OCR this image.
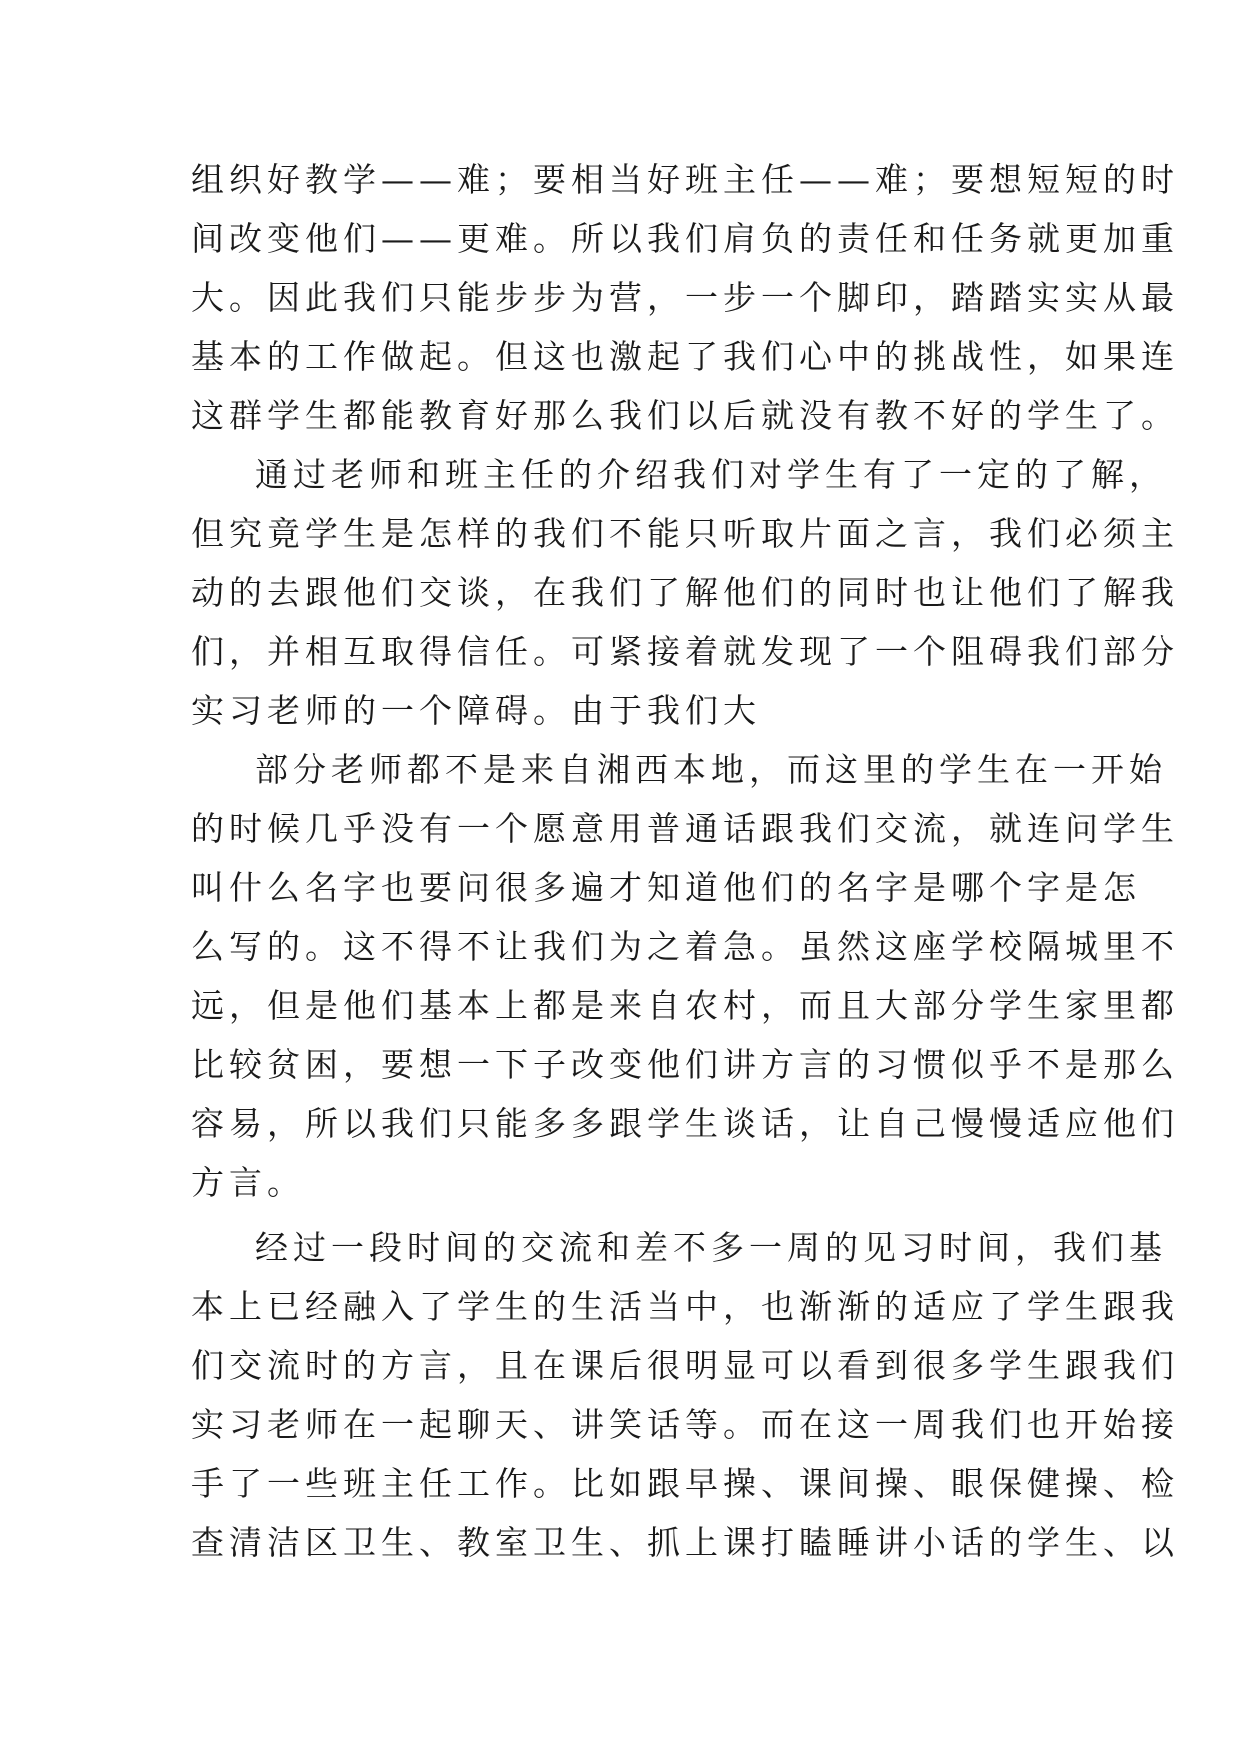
组织好教学——难；要相当好班主任——难；要想短短的时
间改变他们——更难。所以我们肩负的责任和任务就更加重
大。因此我们只能步步为营，一步一个脚印，踏踏实实从最
基本的工作做起。但这也激起了我们心中的挑战性，如果连
这群学生都能教育好那么我们以后就没有教不好的学生了。
通过老师和班主任的介绍我们对学生有了一定的了解，
但究竟学生是怎样的我们不能只听取片面之言，我们必须主
动的去跟他们交谈，在我们了解他们的同时也让他们了解我
们，并相互取得信任。可紧接着就发现了一个阻碍我们部分
实习老师的一个障碍。由于我们大
部分老师都不是来自湘西本地，而这里的学生在一开始
的时候几乎没有一个愿意用普通话跟我们交流，就连问学生
叫什么名字也要问很多遍才知道他们的名字是哪个字是怎
么写的。这不得不让我们为之着急。虽然这座学校隔城里不
远，但是他们基本上都是来自农村，而且大部分学生家里都
比较贫困，要想一下子改变他们讲方言的习惯似乎不是那么
容易，所以我们只能多多跟学生谈话，让自己慢慢适应他们
方言。
经过一段时间的交流和差不多一周的见习时间，我们基
本上已经融入了学生的生活当中，也渐渐的适应了学生跟我
们交流时的方言，且在课后很明显可以看到很多学生跟我们
实习老师在一起聊天、讲笑话等。而在这一周我们也开始接
手了一些班主任工作。比如跟早操、课间操、眼保健操、检
查清洁区卫生、教室卫生、抓上课打瞌睡讲小话的学生、以
